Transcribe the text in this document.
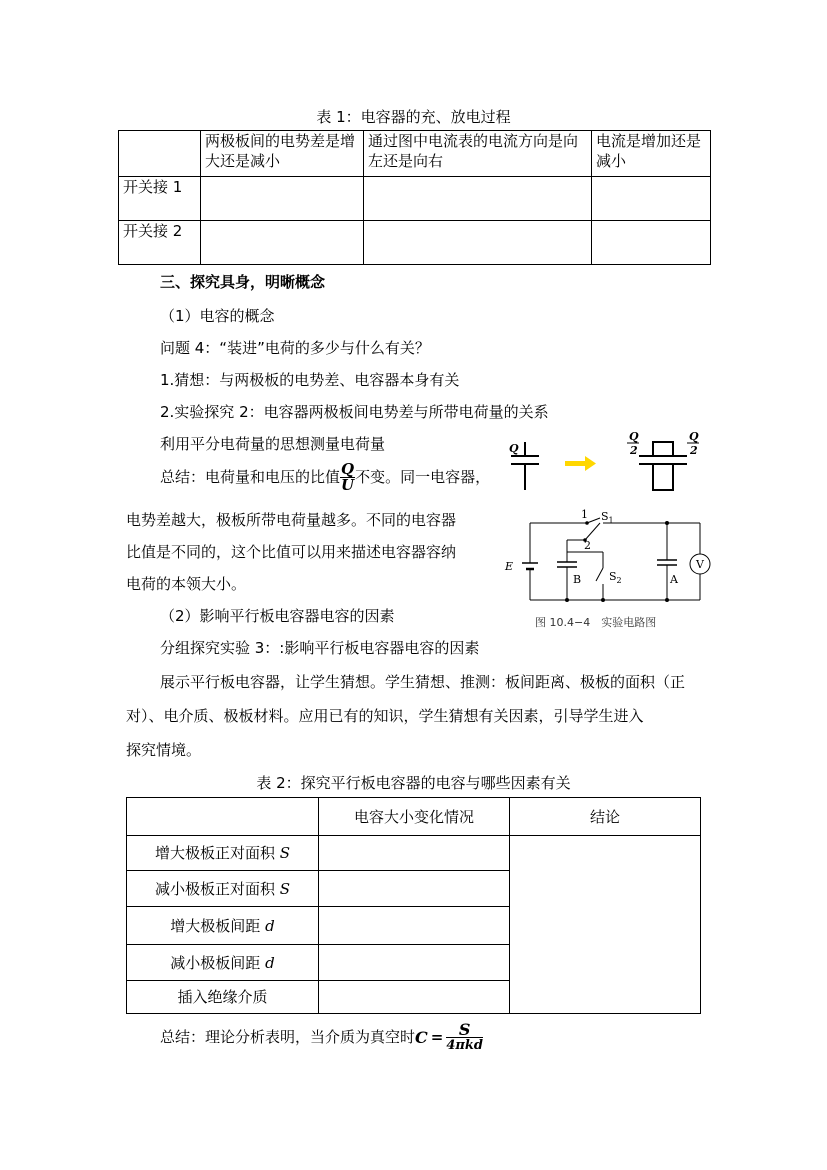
表 1：电容器的充、放电过程
	两极板间的电势差是增大还是减小	通过图中电流表的电流方向是向左还是向右	电流是增加还是减小
开关接 1			
开关接 2			
三、探究具身，明晰概念
（1）电容的概念
问题 4：“装进”电荷的多少与什么有关？
1.猜想：与两极板的电势差、电容器本身有关
2.实验探究 2：电容器两极板间电势差与所带电荷量的关系
利用平分电荷量的思想测量电荷量
总结：电荷量和电压的比值 $\frac{Q}{U}$ 不变。同一电容器，
电势差越大，极板所带电荷量越多。不同的电容器
比值是不同的，这个比值可以用来描述电容器容纳
电荷的本领大小。
（2）影响平行板电容器电容的因素
分组探究实验 3：:影响平行板电容器电容的因素
展示平行板电容器，让学生猜想。学生猜想、推测：板间距离、极板的面积（正
对）、电介质、极板材料。应用已有的知识，学生猜想有关因素，引导学生进入
探究情境。
Q
Q
2
Q
2
E
1 $S_1$
2
B	$S_2$	A
V
图 10.4−4　实验电路图
表 2：探究平行板电容器的电容与哪些因素有关
	电容大小变化情况	结论
增大极板正对面积 S		
减小极板正对面积 S		
增大极板间距 d		
减小极板间距 d		
插入绝缘介质		
总结：理论分析表明，当介质为真空时$C = \frac{S}{\text{4πkd}}$
